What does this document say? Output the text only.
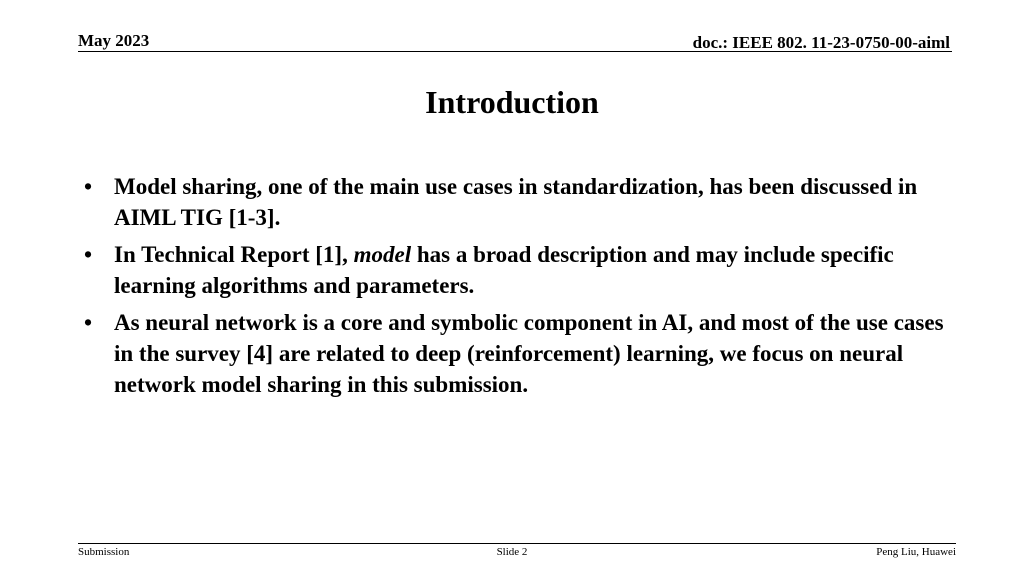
May 2023	doc.: IEEE 802. 11-23-0750-00-aiml
Introduction
• Model sharing, one of the main use cases in standardization, has been discussed in AIML TIG [1-3].
• In Technical Report [1], model has a broad description and may include specific learning algorithms and parameters.
• As neural network is a core and symbolic component in AI, and most of the use cases in the survey [4] are related to deep (reinforcement) learning, we focus on neural network model sharing in this submission.
Submission	Slide 2	Peng Liu, Huawei
